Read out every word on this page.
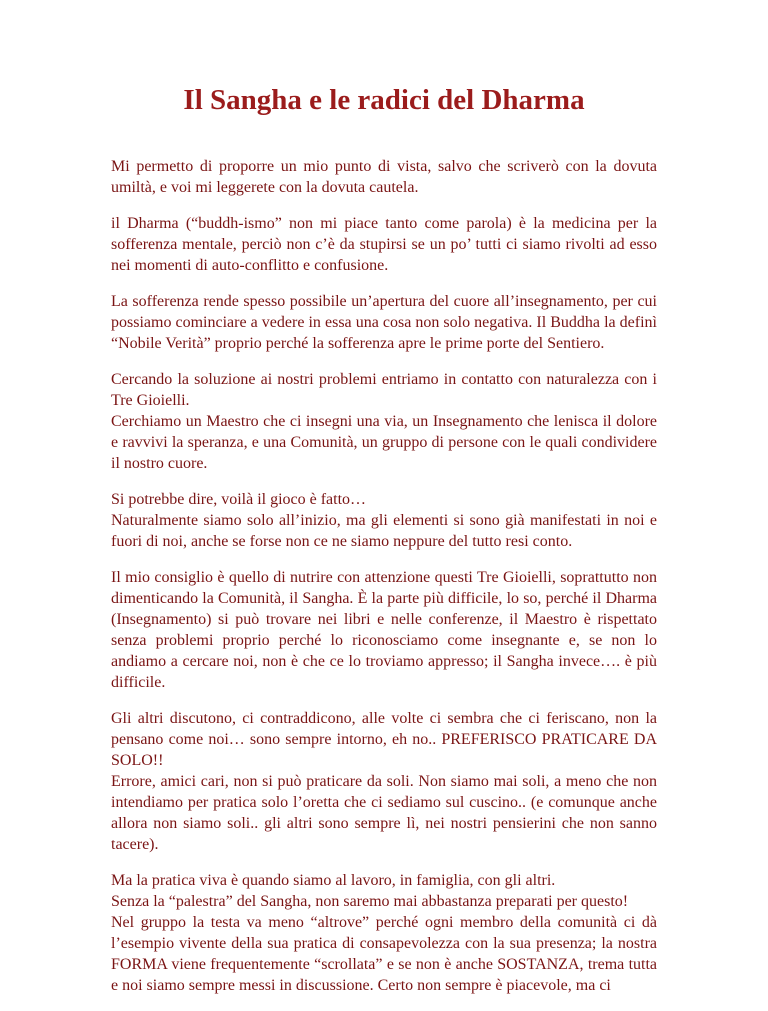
Il Sangha e le radici del Dharma

Mi permetto di proporre un mio punto di vista, salvo che scriverò con la dovuta umiltà, e voi mi leggerete con la dovuta cautela.

il Dharma (“buddh-ismo” non mi piace tanto come parola) è la medicina per la sofferenza mentale, perciò non c’è da stupirsi se un po’ tutti ci siamo rivolti ad esso nei momenti di auto-conflitto e confusione.

La sofferenza rende spesso possibile un’apertura del cuore all’insegnamento, per cui possiamo cominciare a vedere in essa una cosa non solo negativa. Il Buddha la definì “Nobile Verità” proprio perché la sofferenza apre le prime porte del Sentiero.

Cercando la soluzione ai nostri problemi entriamo in contatto con naturalezza con i Tre Gioielli.
Cerchiamo un Maestro che ci insegni una via, un Insegnamento che lenisca il dolore e ravvivi la speranza, e una Comunità, un gruppo di persone con le quali condividere il nostro cuore.

Si potrebbe dire, voilà il gioco è fatto…
Naturalmente siamo solo all’inizio, ma gli elementi si sono già manifestati in noi e fuori di noi, anche se forse non ce ne siamo neppure del tutto resi conto.

Il mio consiglio è quello di nutrire con attenzione questi Tre Gioielli, soprattutto non dimenticando la Comunità, il Sangha. È la parte più difficile, lo so, perché il Dharma (Insegnamento) si può trovare nei libri e nelle conferenze, il Maestro è rispettato senza problemi proprio perché lo riconosciamo come insegnante e, se non lo andiamo a cercare noi, non è che ce lo troviamo appresso; il Sangha invece…. è più difficile.

Gli altri discutono, ci contraddicono, alle volte ci sembra che ci feriscano, non la pensano come noi… sono sempre intorno, eh no.. PREFERISCO PRATICARE DA SOLO!!
Errore, amici cari, non si può praticare da soli. Non siamo mai soli, a meno che non intendiamo per pratica solo l’oretta che ci sediamo sul cuscino.. (e comunque anche allora non siamo soli.. gli altri sono sempre lì, nei nostri pensierini che non sanno tacere).

Ma la pratica viva è quando siamo al lavoro, in famiglia, con gli altri.
Senza la “palestra” del Sangha, non saremo mai abbastanza preparati per questo!
Nel gruppo la testa va meno “altrove” perché ogni membro della comunità ci dà l’esempio vivente della sua pratica di consapevolezza con la sua presenza; la nostra FORMA viene frequentemente “scrollata” e se non è anche SOSTANZA, trema tutta e noi siamo sempre messi in discussione. Certo non sempre è piacevole, ma ci
